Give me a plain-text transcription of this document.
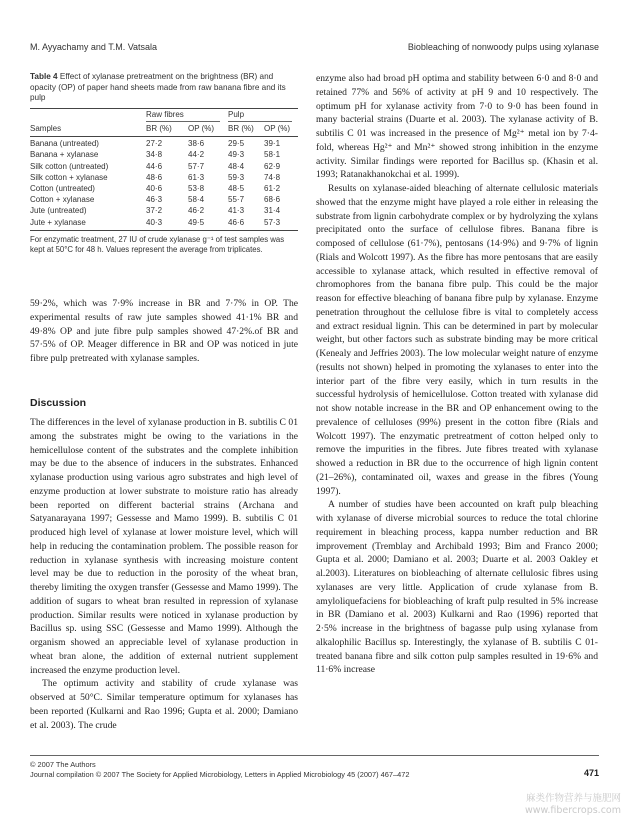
M. Ayyachamy and T.M. Vatsala	Bioblеaching of nonwoody pulps using xylanase
Table 4 Effect of xylanase pretreatment on the brightness (BR) and opacity (OP) of paper hand sheets made from raw banana fibre and its pulp
	Raw fibres		Pulp	

Samples	BR (%)	OP (%)	BR (%)	OP (%)

Banana (untreated)	27·2	38·6	29·5	39·1
Banana + xylanase	34·8	44·2	49·3	58·1
Silk cotton (untreated)	44·6	57·7	48·4	62·9
Silk cotton + xylanase	48·6	61·3	59·3	74·8
Cotton (untreated)	40·6	53·8	48·5	61·2
Cotton + xylanase	46·3	58·4	55·7	68·6
Jute (untreated)	37·2	46·2	41·3	31·4
Jute + xylanase	40·3	49·5	46·6	57·3
For enzymatic treatment, 27 IU of crude xylanase g⁻¹ of test samples was kept at 50°C for 48 h. Values represent the average from triplicates.

59·2%, which was 7·9% increase in BR and 7·7% in OP. The experimental results of raw jute samples showed 41·1% BR and 49·8% OP and jute fibre pulp samples showed 47·2%.of BR and 57·5% of OP. Meager difference in BR and OP was noticed in jute fibre pulp pretreated with xylanase samples.

Discussion

The differences in the level of xylanase production in B. subtilis C 01 among the substrates might be owing to the variations in the hemicellulose content of the substrates and the complete inhibition may be due to the absence of inducers in the substrates. Enhanced xylanase production using various agro substrates and high level of enzyme production at lower substrate to moisture ratio has already been reported on different bacterial strains (Archana and Satyanarayana 1997; Gessesse and Mamo 1999). B. subtilis C 01 produced high level of xylanase at lower moisture level, which will help in reducing the contamination problem. The possible reason for reduction in xylanase synthesis with increasing moisture content level may be due to reduction in the porosity of the wheat bran, thereby limiting the oxygen transfer (Gessesse and Mamo 1999). The addition of sugars to wheat bran resulted in repression of xylanase production. Similar results were noticed in xylanase production by Bacillus sp. using SSC (Gessesse and Mamo 1999). Although the organism showed an appreciable level of xylanase production in wheat bran alone, the addition of external nutrient supplement increased the enzyme production level.

The optimum activity and stability of crude xylanase was observed at 50°C. Similar temperature optimum for xylanases has been reported (Kulkarni and Rao 1996; Gupta et al. 2000; Damiano et al. 2003). The crude

enzyme also had broad pH optima and stability between 6·0 and 8·0 and retained 77% and 56% of activity at pH 9 and 10 respectively. The optimum pH for xylanase activity from 7·0 to 9·0 has been found in many bacterial strains (Duarte et al. 2003). The xylanase activity of B. subtilis C 01 was increased in the presence of Mg²⁺ metal ion by 7·4-fold, whereas Hg²⁺ and Mn²⁺ showed strong inhibition in the enzyme activity. Similar findings were reported for Bacillus sp. (Khasin et al. 1993; Ratanakhanokchai et al. 1999).

Results on xylanase-aided bleaching of alternate cellulosic materials showed that the enzyme might have played a role either in releasing the substrate from lignin carbohydrate complex or by hydrolyzing the xylans precipitated onto the surface of cellulose fibres. Banana fibre is composed of cellulose (61·7%), pentosans (14·9%) and 9·7% of lignin (Rials and Wolcott 1997). As the fibre has more pentosans that are easily accessible to xylanase attack, which resulted in effective removal of chromophores from the banana fibre pulp. This could be the major reason for effective bleaching of banana fibre pulp by xylanase. Enzyme penetration throughout the cellulose fibre is vital to completely access and extract residual lignin. This can be determined in part by molecular weight, but other factors such as substrate binding may be more critical (Kenealy and Jeffries 2003). The low molecular weight nature of enzyme (results not shown) helped in promoting the xylanases to enter into the interior part of the fibre very easily, which in turn results in the successful hydrolysis of hemicellulose. Cotton treated with xylanase did not show notable increase in the BR and OP enhancement owing to the prevalence of celluloses (99%) present in the cotton fibre (Rials and Wolcott 1997). The enzymatic pretreatment of cotton helped only to remove the impurities in the fibres. Jute fibres treated with xylanase showed a reduction in BR due to the occurrence of high lignin content (21–26%), contaminated oil, waxes and grease in the fibres (Young 1997).

A number of studies have been accounted on kraft pulp bleaching with xylanase of diverse microbial sources to reduce the total chlorine requirement in bleaching process, kappa number reduction and BR improvement (Tremblay and Archibald 1993; Bim and Franco 2000; Gupta et al. 2000; Damiano et al. 2003; Duarte et al. 2003 Oakley et al.2003). Literatures on biobleaching of alternate cellulosic fibres using xylanases are very little. Application of crude xylanase from B. amyloliquefaciens for biobleaching of kraft pulp resulted in 5% increase in BR (Damiano et al. 2003) Kulkarni and Rao (1996) reported that 2·5% increase in the brightness of bagasse pulp using xylanase from alkalophilic Bacillus sp. Interestingly, the xylanase of B. subtilis C 01-treated banana fibre and silk cotton pulp samples resulted in 19·6% and 11·6% increase

© 2007 The Authors
Journal compilation © 2007 The Society for Applied Microbiology, Letters in Applied Microbiology 45 (2007) 467–472	471
麻类作物营养与施肥网
www.fibercrops.com
